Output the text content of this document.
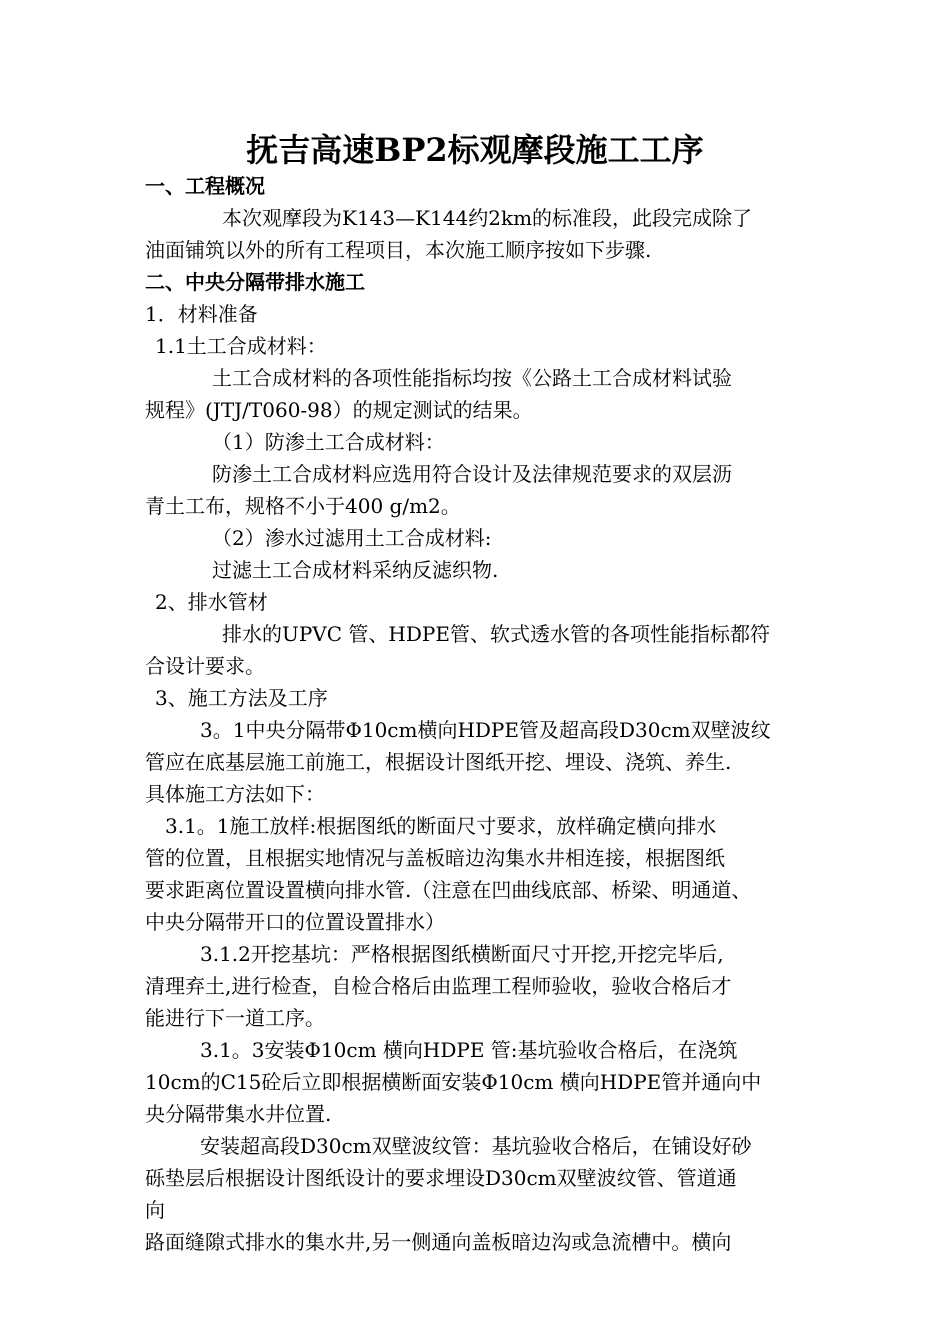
抚吉高速BP2标观摩段施工工序
一、工程概况
本次观摩段为K143—K144约2km的标准段，此段完成除了
油面铺筑以外的所有工程项目，本次施工顺序按如下步骤.
二、中央分隔带排水施工
1．材料准备
1.1土工合成材料：
土工合成材料的各项性能指标均按《公路土工合成材料试验
规程》(JTJ/T060-98）的规定测试的结果。
（1）防渗土工合成材料：
防渗土工合成材料应选用符合设计及法律规范要求的双层沥
青土工布，规格不小于400 g/m2。
（2）渗水过滤用土工合成材料:
过滤土工合成材料采纳反滤织物.
2、排水管材
排水的UPVC 管、HDPE管、软式透水管的各项性能指标都符
合设计要求。
3、施工方法及工序
3。1中央分隔带Φ10cm横向HDPE管及超高段D30cm双壁波纹
管应在底基层施工前施工，根据设计图纸开挖、埋设、浇筑、养生.
具体施工方法如下：
3.1。1施工放样:根据图纸的断面尺寸要求，放样确定横向排水
管的位置，且根据实地情况与盖板暗边沟集水井相连接，根据图纸
要求距离位置设置横向排水管.（注意在凹曲线底部、桥梁、明通道、
中央分隔带开口的位置设置排水）
3.1.2开挖基坑：严格根据图纸横断面尺寸开挖,开挖完毕后,
清理弃土,进行检查，自检合格后由监理工程师验收，验收合格后才
能进行下一道工序。
3.1。3安装Φ10cm 横向HDPE 管:基坑验收合格后，在浇筑
10cm的C15砼后立即根据横断面安装Φ10cm 横向HDPE管并通向中
央分隔带集水井位置.
安装超高段D30cm双壁波纹管：基坑验收合格后，在铺设好砂
砾垫层后根据设计图纸设计的要求埋设D30cm双壁波纹管、管道通
向
路面缝隙式排水的集水井,另一侧通向盖板暗边沟或急流槽中。横向
